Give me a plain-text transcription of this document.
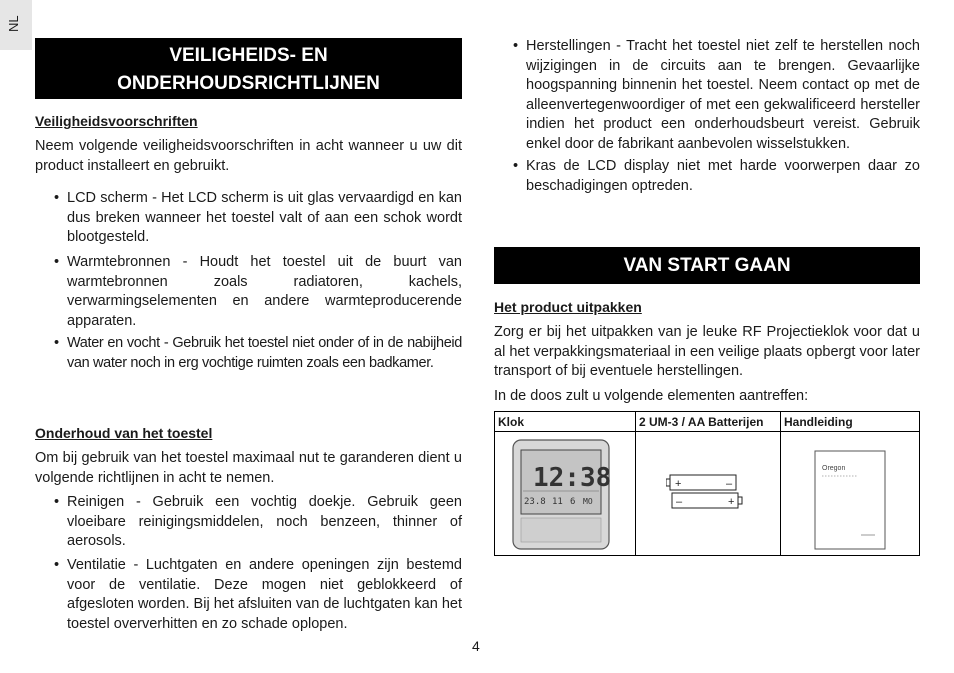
NL
VEILIGHEIDS- EN
ONDERHOUDSRICHTLIJNEN
Veiligheidsvoorschriften
Neem volgende veiligheidsvoorschriften in acht wanneer u uw dit product installeert en gebruikt.
• LCD scherm - Het LCD scherm is uit glas vervaardigd en kan dus breken wanneer het toestel valt of aan een schok wordt blootgesteld.
• Warmtebronnen - Houdt het toestel uit de buurt van warmtebronnen zoals radiatoren, kachels, verwarmingselementen en andere warmteproducerende apparaten.
• Water en vocht - Gebruik het toestel niet onder of in de nabijheid van water noch in erg vochtige ruimten zoals een badkamer.
Onderhoud van het toestel
Om bij gebruik van het toestel maximaal nut te garanderen dient u volgende richtlijnen in acht te nemen.
• Reinigen - Gebruik een vochtig doekje. Gebruik geen vloeibare reinigingsmiddelen, noch benzeen, thinner of aerosols.
• Ventilatie - Luchtgaten en andere openingen zijn bestemd voor de ventilatie. Deze mogen niet geblokkeerd of afgesloten worden. Bij het afsluiten van de luchtgaten kan het toestel oververhitten en zo schade oplopen.
• Herstellingen - Tracht het toestel niet zelf te herstellen noch wijzigingen in de circuits aan te brengen. Gevaarlijke hoogspanning binnenin het toestel. Neem contact op met de alleenvertegenwoordiger of met een gekwalificeerd hersteller indien het product een onderhoudsbeurt vereist. Gebruik enkel door de fabrikant aanbevolen wisselstukken.
• Kras de LCD display niet met harde voorwerpen daar zo beschadigingen optreden.
VAN START GAAN
Het product uitpakken
Zorg er bij het uitpakken van je leuke RF Projectieklok voor dat u al het verpakkingsmateriaal in een veilige plaats opbergt voor later transport of bij eventuele herstellingen.
In de doos zult u volgende elementen aantreffen:
Klok	2 UM-3 / AA Batterijen	Handleiding
12:38
23.8 11 6 MO
+	–
–	+
Oregon
4
